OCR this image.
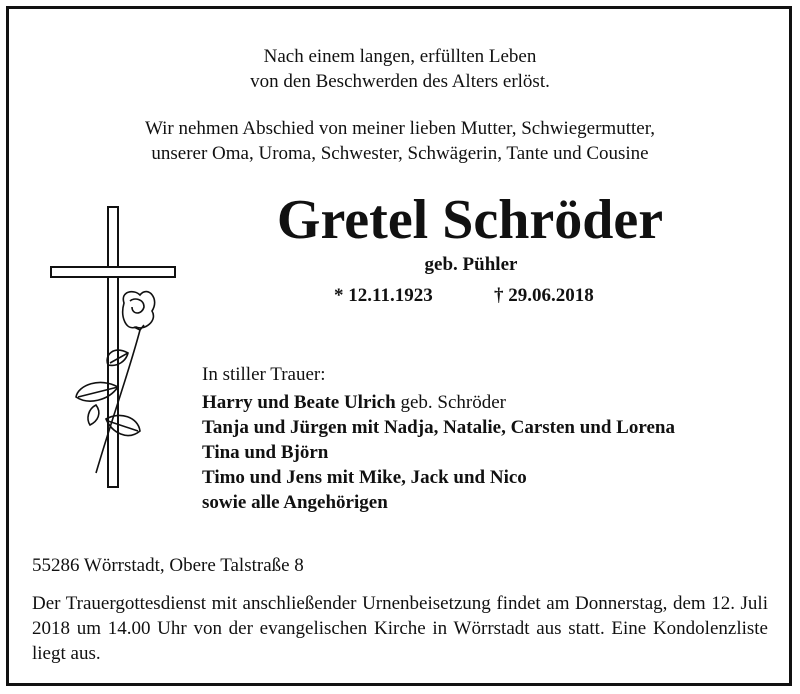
Nach einem langen, erfüllten Leben
von den Beschwerden des Alters erlöst.
Wir nehmen Abschied von meiner lieben Mutter, Schwiegermutter,
unserer Oma, Uroma, Schwester, Schwägerin, Tante und Cousine
Gretel Schröder
geb. Pühler
* 12.11.1923	† 29.06.2018
In stiller Trauer:
Harry und Beate Ulrich geb. Schröder
Tanja und Jürgen mit Nadja, Natalie, Carsten und Lorena
Tina und Björn
Timo und Jens mit Mike, Jack und Nico
sowie alle Angehörigen
55286 Wörrstadt, Obere Talstraße 8
Der Trauergottesdienst mit anschließender Urnenbeisetzung findet am Donnerstag, dem 12. Juli 2018 um 14.00 Uhr von der evangelischen Kirche in Wörrstadt aus statt. Eine Kondolenzliste liegt aus.
